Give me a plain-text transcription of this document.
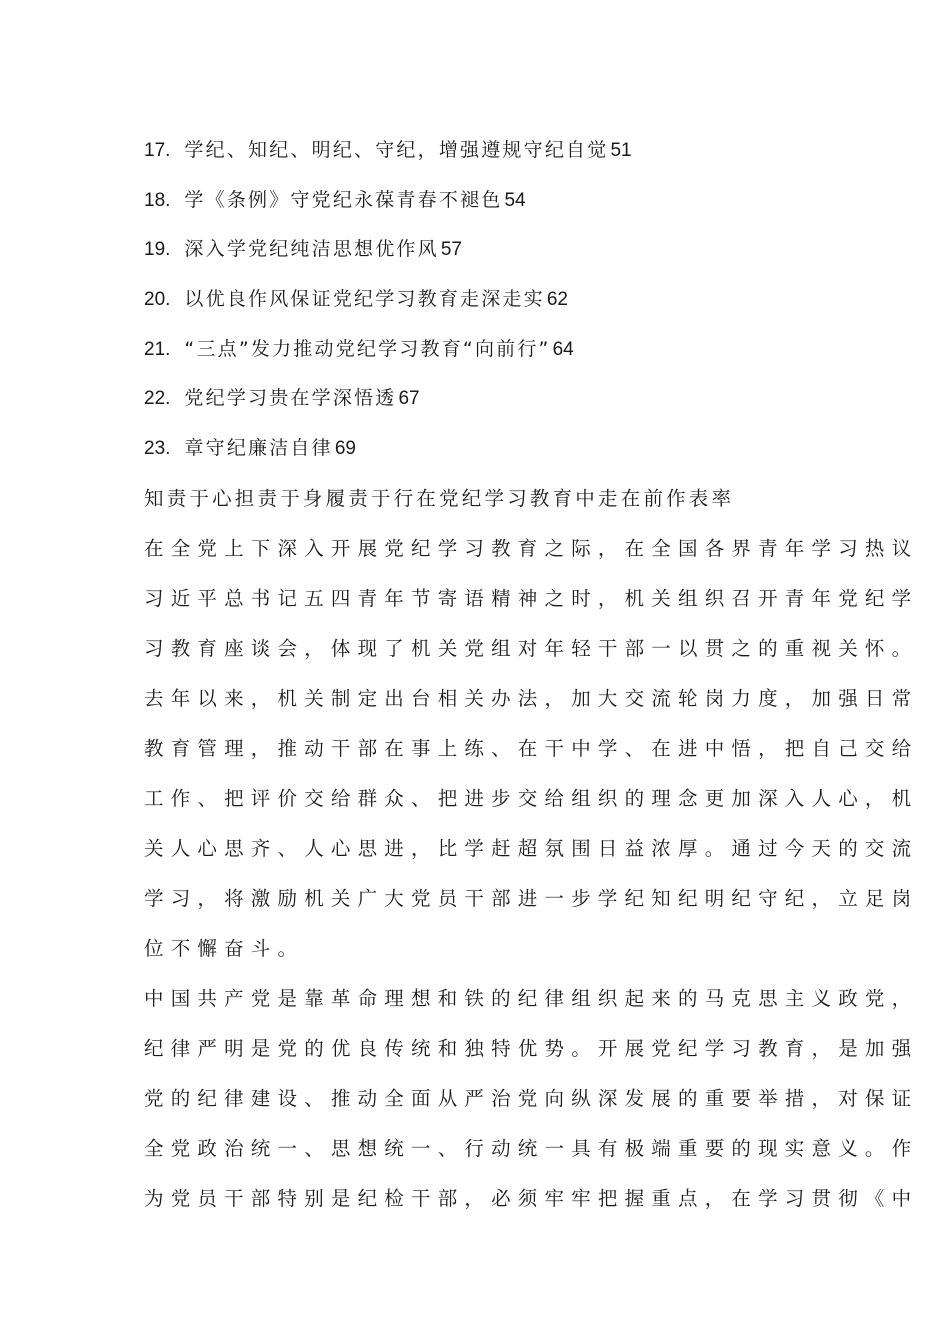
17. 学纪、知纪、明纪、守纪，增强遵规守纪自觉 51
18. 学《条例》守党纪永葆青春不褪色 54
19. 深入学党纪纯洁思想优作风 57
20. 以优良作风保证党纪学习教育走深走实 62
21. “三点”发力推动党纪学习教育“向前行” 64
22. 党纪学习贵在学深悟透 67
23. 章守纪廉洁自律 69
知责于心担责于身履责于行在党纪学习教育中走在前作表率
在全党上下深入开展党纪学习教育之际，在全国各界青年学习热议
习近平总书记五四青年节寄语精神之时，机关组织召开青年党纪学
习教育座谈会，体现了机关党组对年轻干部一以贯之的重视关怀。
去年以来，机关制定出台相关办法，加大交流轮岗力度，加强日常
教育管理，推动干部在事上练、在干中学、在进中悟，把自己交给
工作、把评价交给群众、把进步交给组织的理念更加深入人心，机
关人心思齐、人心思进，比学赶超氛围日益浓厚。通过今天的交流
学习，将激励机关广大党员干部进一步学纪知纪明纪守纪，立足岗
位不懈奋斗。
中国共产党是靠革命理想和铁的纪律组织起来的马克思主义政党，
纪律严明是党的优良传统和独特优势。开展党纪学习教育，是加强
党的纪律建设、推动全面从严治党向纵深发展的重要举措，对保证
全党政治统一、思想统一、行动统一具有极端重要的现实意义。作
为党员干部特别是纪检干部，必须牢牢把握重点，在学习贯彻《中
